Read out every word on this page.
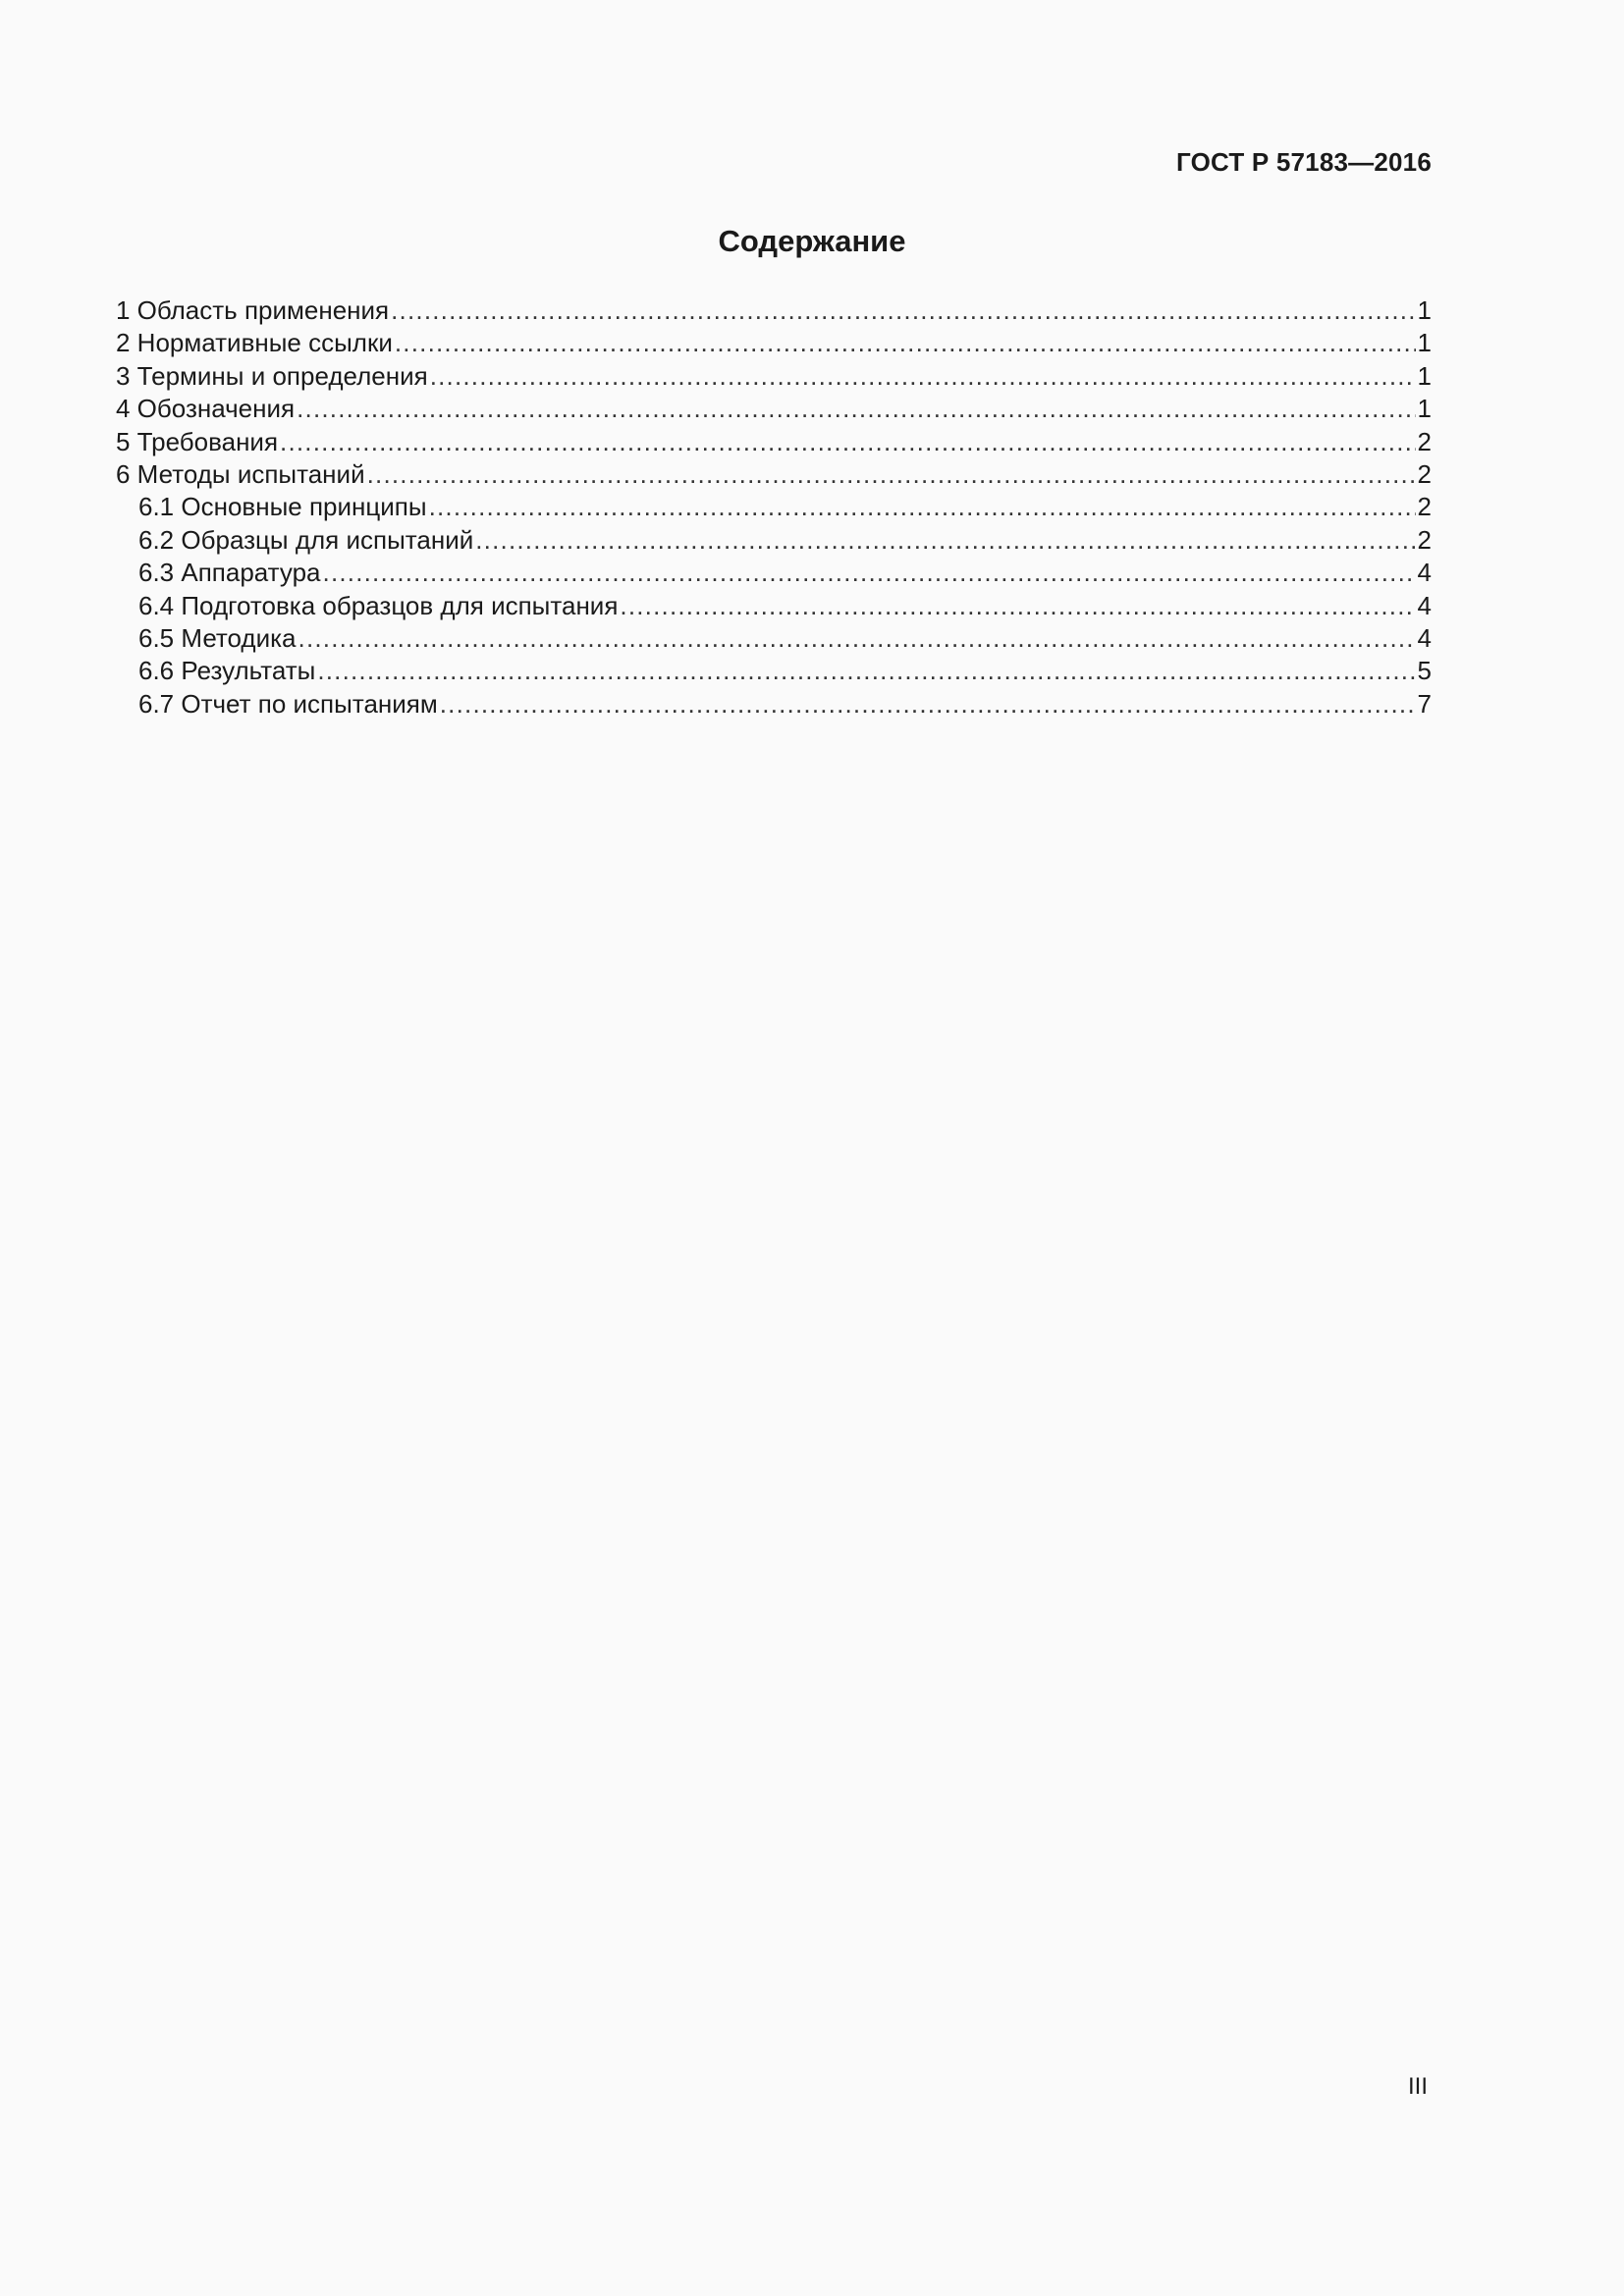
ГОСТ Р 57183—2016
Содержание
1 Область применения .....	1
2 Нормативные ссылки .....	1
3 Термины и определения .....	1
4 Обозначения .....	1
5 Требования .....	2
6 Методы испытаний .....	2
6.1 Основные принципы .....	2
6.2 Образцы для испытаний .....	2
6.3 Аппаратура .....	4
6.4 Подготовка образцов для испытания .....	4
6.5 Методика .....	4
6.6 Результаты .....	5
6.7 Отчет по испытаниям .....	7
III
